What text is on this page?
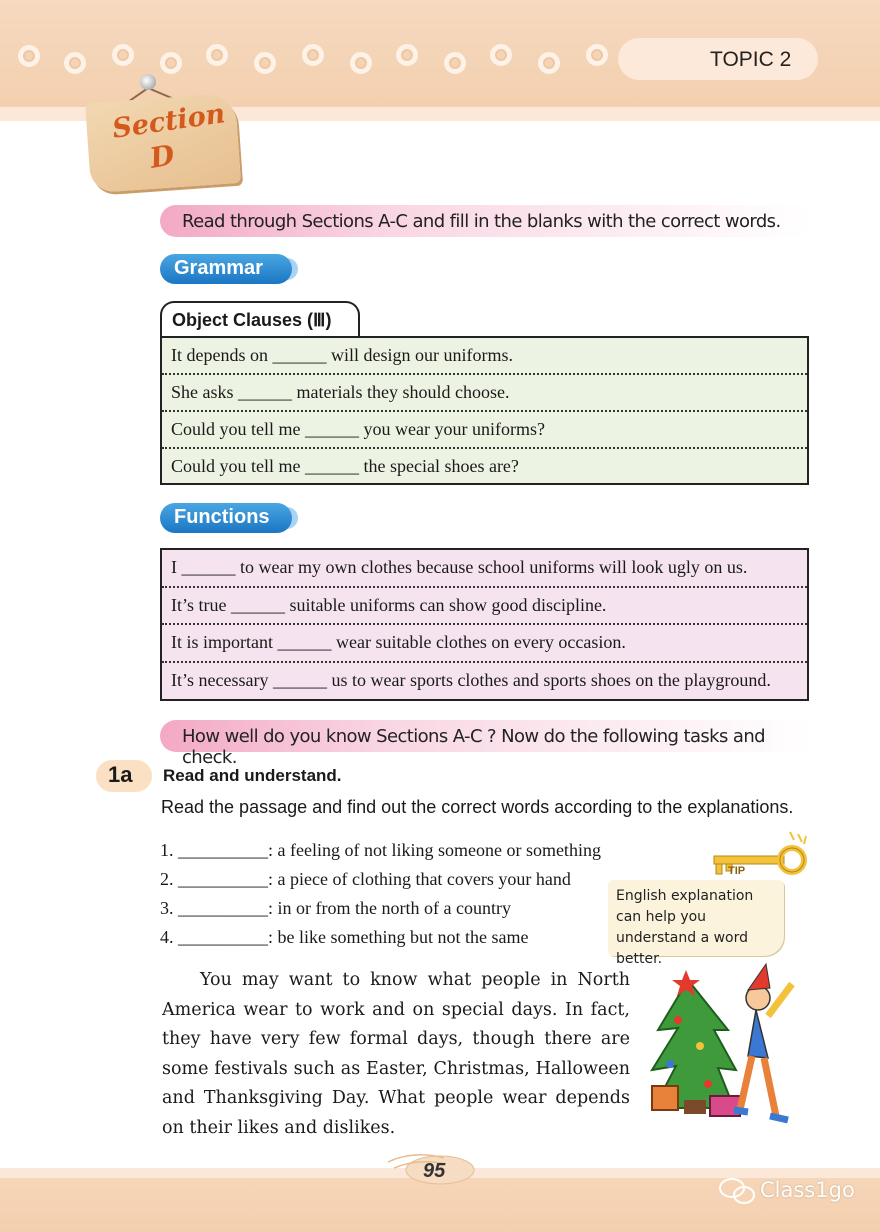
TOPIC 2
Section
D
Read through Sections A-C and fill in the blanks with the correct words.
Grammar
Object Clauses (Ⅲ)
It depends on ______ will design our uniforms.
She asks ______ materials they should choose.
Could you tell me ______ you wear your uniforms?
Could you tell me ______ the special shoes are?
Functions
I ______ to wear my own clothes because school uniforms will look ugly on us.
It’s true ______ suitable uniforms can show good discipline.
It is important ______ wear suitable clothes on every occasion.
It’s necessary ______ us to wear sports clothes and sports shoes on the playground.
How well do you know Sections A-C ? Now do the following tasks and check.
1a	Read and understand.
Read the passage and find out the correct words according to the explanations.
1. __________: a feeling of not liking someone or something
2. __________: a piece of clothing that covers your hand
3. __________: in or from the north of a country
4. __________: be like something but not the same
English explanation can help you understand a word better.
TIP
You may want to know what people in North America wear to work and on special days. In fact, they have very few formal days, though there are some festivals such as Easter, Christmas, Halloween and Thanksgiving Day. What people wear depends on their likes and dislikes.
95
Class1go
